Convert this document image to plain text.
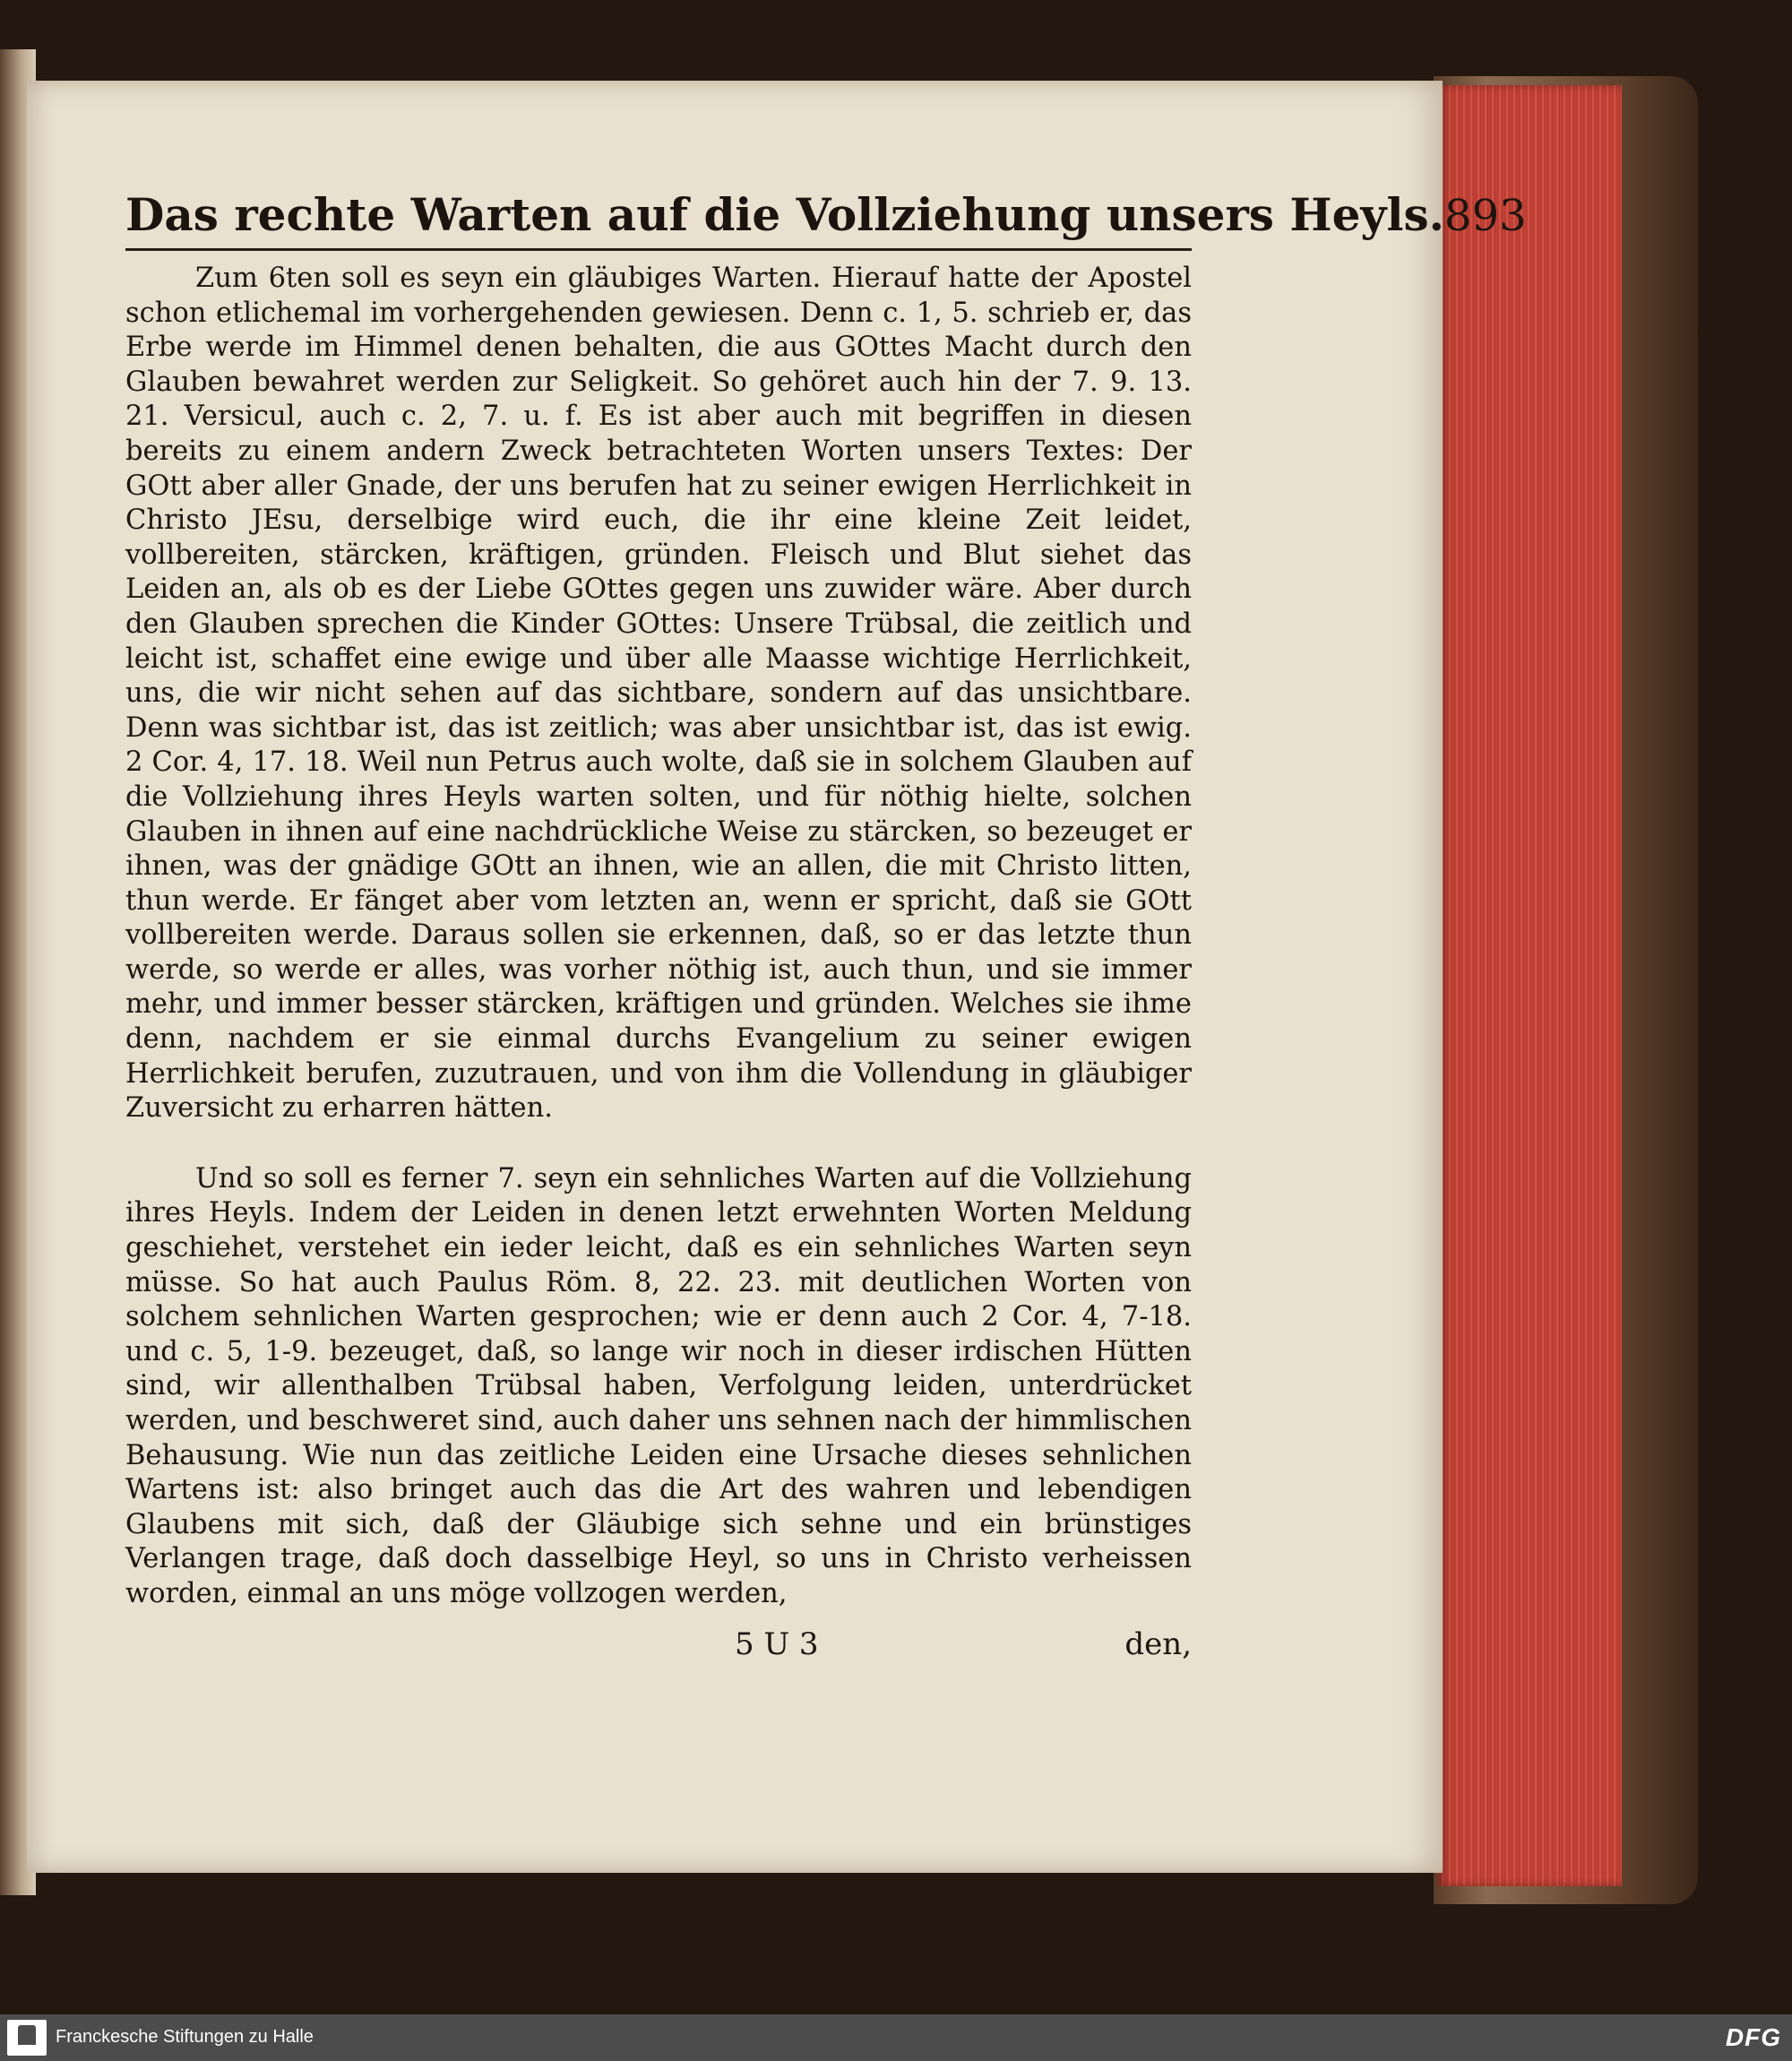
Das rechte Warten auf die Vollziehung unsers Heyls. 893

Zum 6ten soll es seyn ein gläubiges Warten. Hierauf hatte der Apostel schon etlichemal im vorhergehenden gewiesen. Denn c. 1, 5. schrieb er, das Erbe werde im Himmel denen behalten, die aus GOttes Macht durch den Glauben bewahret werden zur Seligkeit. So gehöret auch hin der 7. 9. 13. 21. Versicul, auch c. 2, 7. u. f. Es ist aber auch mit begriffen in diesen bereits zu einem andern Zweck betrachteten Worten unsers Textes: Der GOtt aber aller Gnade, der uns berufen hat zu seiner ewigen Herrlichkeit in Christo JEsu, derselbige wird euch, die ihr eine kleine Zeit leidet, vollbereiten, stärcken, kräftigen, gründen. Fleisch und Blut siehet das Leiden an, als ob es der Liebe GOttes gegen uns zuwider wäre. Aber durch den Glauben sprechen die Kinder GOttes: Unsere Trübsal, die zeitlich und leicht ist, schaffet eine ewige und über alle Maasse wichtige Herrlichkeit, uns, die wir nicht sehen auf das sichtbare, sondern auf das unsichtbare. Denn was sichtbar ist, das ist zeitlich; was aber unsichtbar ist, das ist ewig. 2 Cor. 4, 17. 18. Weil nun Petrus auch wolte, daß sie in solchem Glauben auf die Vollziehung ihres Heyls warten solten, und für nöthig hielte, solchen Glauben in ihnen auf eine nachdrückliche Weise zu stärcken, so bezeuget er ihnen, was der gnädige GOtt an ihnen, wie an allen, die mit Christo litten, thun werde. Er fänget aber vom letzten an, wenn er spricht, daß sie GOtt vollbereiten werde. Daraus sollen sie erkennen, daß, so er das letzte thun werde, so werde er alles, was vorher nöthig ist, auch thun, und sie immer mehr, und immer besser stärcken, kräftigen und gründen. Welches sie ihme denn, nachdem er sie einmal durchs Evangelium zu seiner ewigen Herrlichkeit berufen, zuzutrauen, und von ihm die Vollendung in gläubiger Zuversicht zu erharren hätten.

Und so soll es ferner 7. seyn ein sehnliches Warten auf die Vollziehung ihres Heyls. Indem der Leiden in denen letzt erwehnten Worten Meldung geschiehet, verstehet ein ieder leicht, daß es ein sehnliches Warten seyn müsse. So hat auch Paulus Röm. 8, 22. 23. mit deutlichen Worten von solchem sehnlichen Warten gesprochen; wie er denn auch 2 Cor. 4, 7-18. und c. 5, 1-9. bezeuget, daß, so lange wir noch in dieser irdischen Hütten sind, wir allenthalben Trübsal haben, Verfolgung leiden, unterdrücket werden, und beschweret sind, auch daher uns sehnen nach der himmlischen Behausung. Wie nun das zeitliche Leiden eine Ursache dieses sehnlichen Wartens ist: also bringet auch das die Art des wahren und lebendigen Glaubens mit sich, daß der Gläubige sich sehne und ein brünstiges Verlangen trage, daß doch dasselbige Heyl, so uns in Christo verheissen worden, einmal an uns möge vollzogen werden,

5 U 3	den,
Franckesche Stiftungen zu Halle	DFG
